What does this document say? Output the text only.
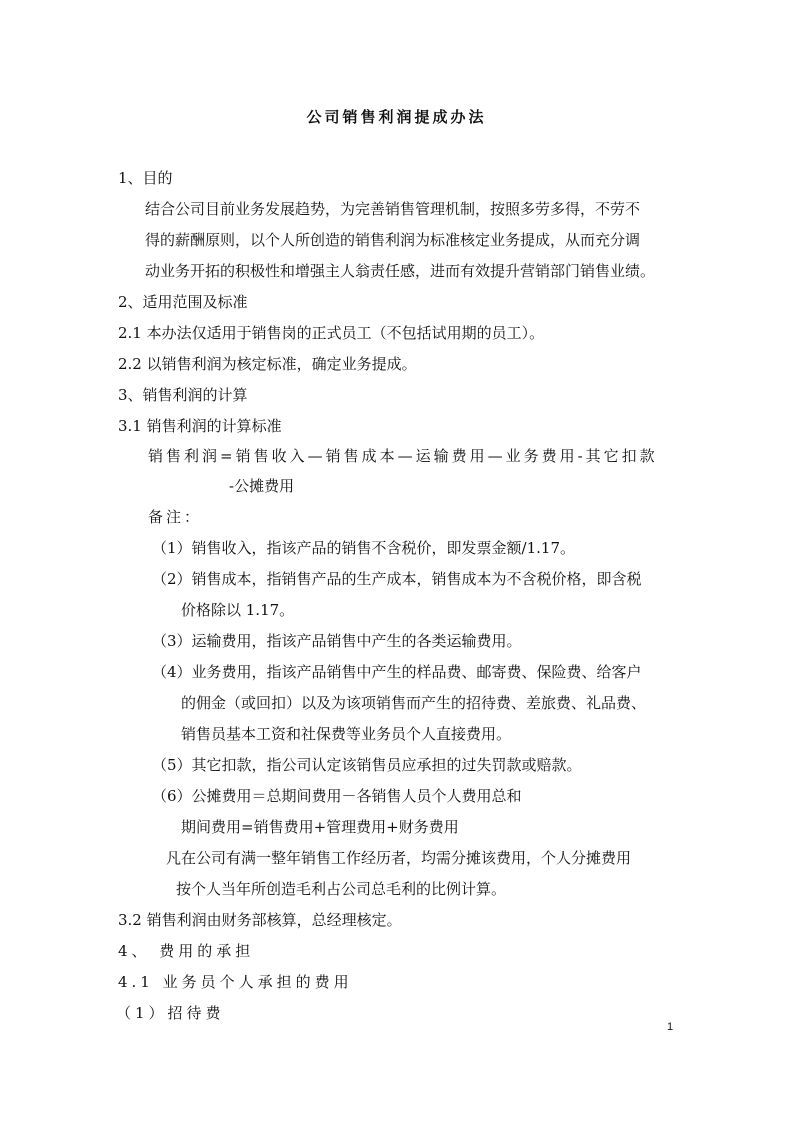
公司销售利润提成办法
1、目的
结合公司目前业务发展趋势，为完善销售管理机制，按照多劳多得，不劳不
得的薪酬原则，以个人所创造的销售利润为标准核定业务提成，从而充分调
动业务开拓的积极性和增强主人翁责任感，进而有效提升营销部门销售业绩。
2、适用范围及标准
2.1 本办法仅适用于销售岗的正式员工（不包括试用期的员工）。
2.2 以销售利润为核定标准，确定业务提成。
3、销售利润的计算
3.1 销售利润的计算标准
销售利润=销售收入—销售成本—运输费用—业务费用-其它扣款
-公摊费用
备注：
（1）销售收入，指该产品的销售不含税价，即发票金额/1.17。
（2）销售成本，指销售产品的生产成本，销售成本为不含税价格，即含税
价格除以 1.17。
（3）运输费用，指该产品销售中产生的各类运输费用。
（4）业务费用，指该产品销售中产生的样品费、邮寄费、保险费、给客户
的佣金（或回扣）以及为该项销售而产生的招待费、差旅费、礼品费、
销售员基本工资和社保费等业务员个人直接费用。
（5）其它扣款，指公司认定该销售员应承担的过失罚款或赔款。
（6）公摊费用＝总期间费用－各销售人员个人费用总和
期间费用=销售费用+管理费用+财务费用
凡在公司有满一整年销售工作经历者，均需分摊该费用，个人分摊费用
按个人当年所创造毛利占公司总毛利的比例计算。
3.2 销售利润由财务部核算，总经理核定。
4、 费用的承担
4.1 业务员个人承担的费用
（1）招待费
1
